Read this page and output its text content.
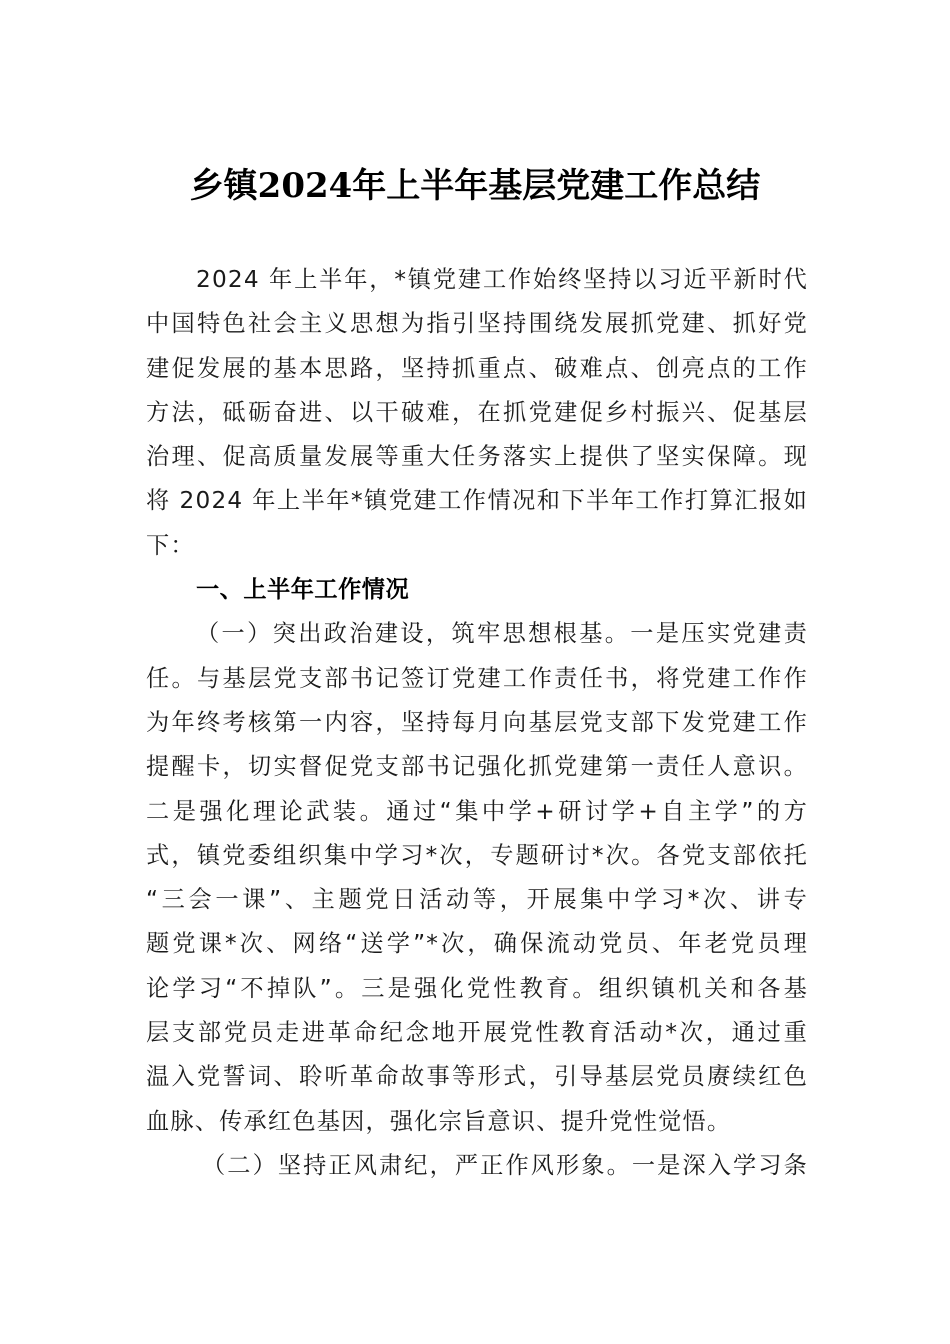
乡镇2024年上半年基层党建工作总结
2024 年上半年，*镇党建工作始终坚持以习近平新时代
中国特色社会主义思想为指引坚持围绕发展抓党建、抓好党
建促发展的基本思路，坚持抓重点、破难点、创亮点的工作
方法，砥砺奋进、以干破难，在抓党建促乡村振兴、促基层
治理、促高质量发展等重大任务落实上提供了坚实保障。现
将 2024 年上半年*镇党建工作情况和下半年工作打算汇报如
下：
一、上半年工作情况
（一）突出政治建设，筑牢思想根基。一是压实党建责
任。与基层党支部书记签订党建工作责任书，将党建工作作
为年终考核第一内容，坚持每月向基层党支部下发党建工作
提醒卡，切实督促党支部书记强化抓党建第一责任人意识。
二是强化理论武装。通过“集中学+研讨学+自主学”的方
式，镇党委组织集中学习*次，专题研讨*次。各党支部依托
“三会一课”、主题党日活动等，开展集中学习*次、讲专
题党课*次、网络“送学”*次，确保流动党员、年老党员理
论学习“不掉队”。三是强化党性教育。组织镇机关和各基
层支部党员走进革命纪念地开展党性教育活动*次，通过重
温入党誓词、聆听革命故事等形式，引导基层党员赓续红色
血脉、传承红色基因，强化宗旨意识、提升党性觉悟。
（二）坚持正风肃纪，严正作风形象。一是深入学习条
